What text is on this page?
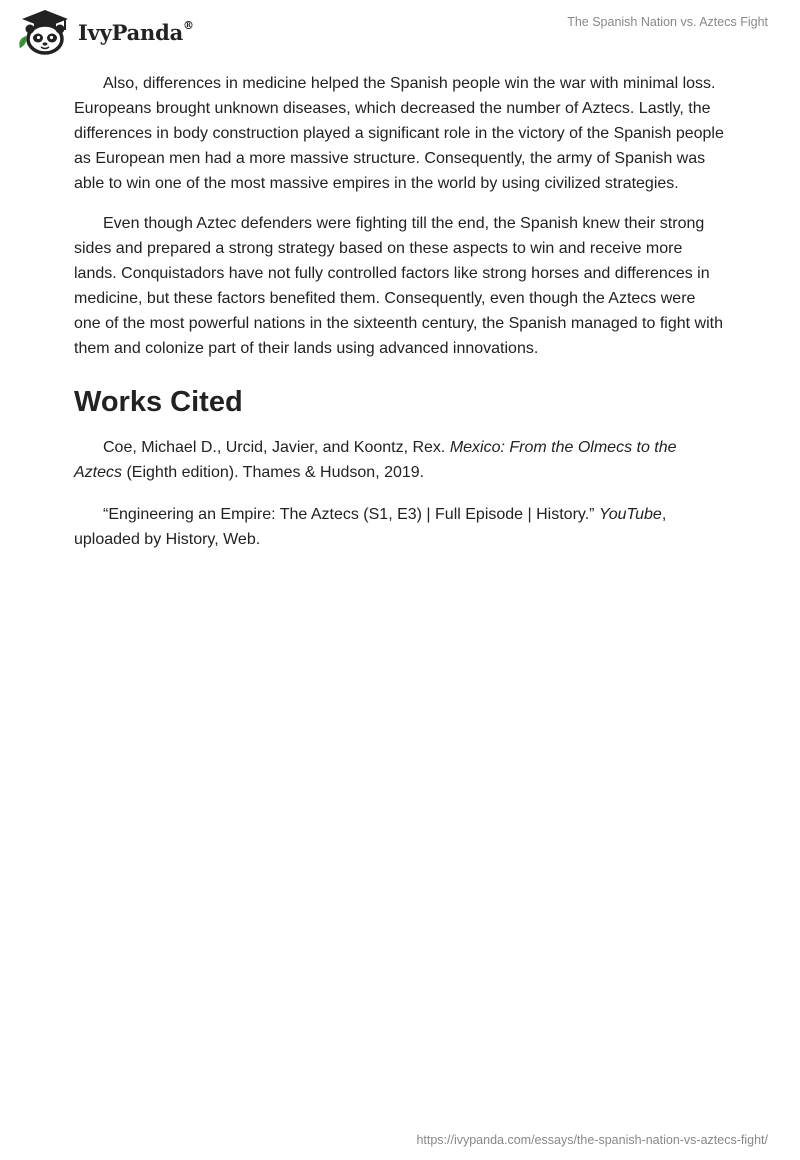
IvyPanda®	The Spanish Nation vs. Aztecs Fight

Also, differences in medicine helped the Spanish people win the war with minimal loss. Europeans brought unknown diseases, which decreased the number of Aztecs. Lastly, the differences in body construction played a significant role in the victory of the Spanish people as European men had a more massive structure. Consequently, the army of Spanish was able to win one of the most massive empires in the world by using civilized strategies.

Even though Aztec defenders were fighting till the end, the Spanish knew their strong sides and prepared a strong strategy based on these aspects to win and receive more lands. Conquistadors have not fully controlled factors like strong horses and differences in medicine, but these factors benefited them. Consequently, even though the Aztecs were one of the most powerful nations in the sixteenth century, the Spanish managed to fight with them and colonize part of their lands using advanced innovations.

Works Cited

Coe, Michael D., Urcid, Javier, and Koontz, Rex. Mexico: From the Olmecs to the Aztecs (Eighth edition). Thames & Hudson, 2019.

“Engineering an Empire: The Aztecs (S1, E3) | Full Episode | History.” YouTube, uploaded by History, Web.

https://ivypanda.com/essays/the-spanish-nation-vs-aztecs-fight/
